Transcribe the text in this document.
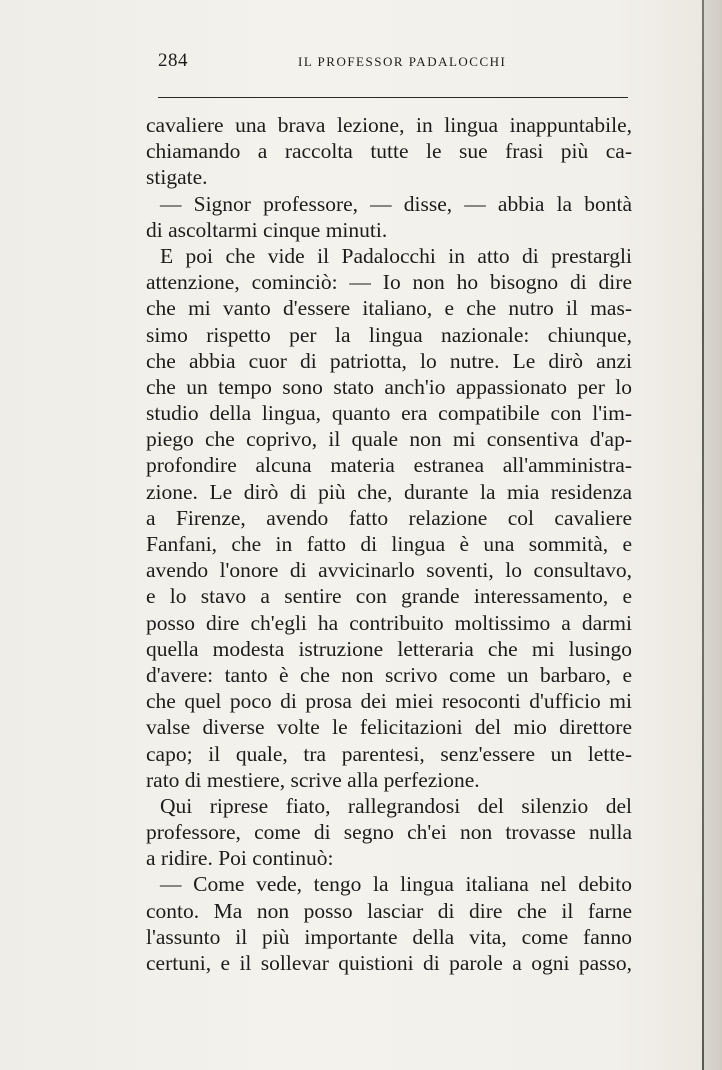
284	IL PROFESSOR PADALOCCHI
cavaliere una brava lezione, in lingua inappuntabile,
chiamando a raccolta tutte le sue frasi più ca-
stigate.
— Signor professore, — disse, — abbia la bontà
di ascoltarmi cinque minuti.
E poi che vide il Padalocchi in atto di prestargli
attenzione, cominciò: — Io non ho bisogno di dire
che mi vanto d'essere italiano, e che nutro il mas-
simo rispetto per la lingua nazionale: chiunque,
che abbia cuor di patriotta, lo nutre. Le dirò anzi
che un tempo sono stato anch'io appassionato per lo
studio della lingua, quanto era compatibile con l'im-
piego che coprivo, il quale non mi consentiva d'ap-
profondire alcuna materia estranea all'amministra-
zione. Le dirò di più che, durante la mia residenza
a Firenze, avendo fatto relazione col cavaliere
Fanfani, che in fatto di lingua è una sommità, e
avendo l'onore di avvicinarlo soventi, lo consultavo,
e lo stavo a sentire con grande interessamento, e
posso dire ch'egli ha contribuito moltissimo a darmi
quella modesta istruzione letteraria che mi lusingo
d'avere: tanto è che non scrivo come un barbaro, e
che quel poco di prosa dei miei resoconti d'ufficio mi
valse diverse volte le felicitazioni del mio direttore
capo; il quale, tra parentesi, senz'essere un lette-
rato di mestiere, scrive alla perfezione.
Qui riprese fiato, rallegrandosi del silenzio del
professore, come di segno ch'ei non trovasse nulla
a ridire. Poi continuò:
— Come vede, tengo la lingua italiana nel debito
conto. Ma non posso lasciar di dire che il farne
l'assunto il più importante della vita, come fanno
certuni, e il sollevar quistioni di parole a ogni passo,
